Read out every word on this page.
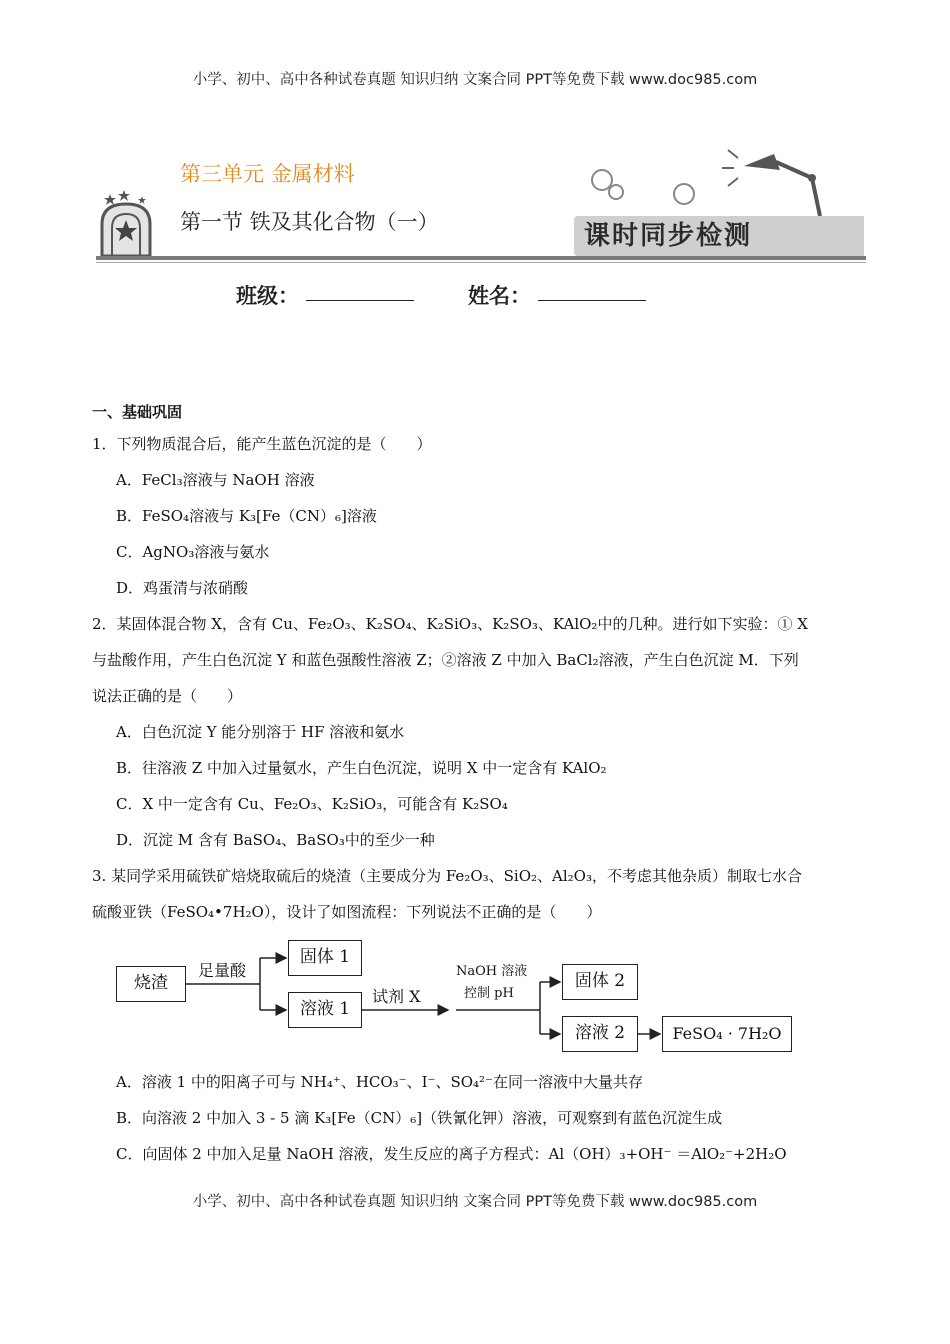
小学、初中、高中各种试卷真题 知识归纳 文案合同 PPT等免费下载 www.doc985.com
第三单元 金属材料
第一节 铁及其化合物（一）	课时同步检测
班级：	姓名：
一、基础巩固
1．下列物质混合后，能产生蓝色沉淀的是（　　）
A．FeCl₃溶液与 NaOH 溶液
B．FeSO₄溶液与 K₃[Fe（CN）₆]溶液
C．AgNO₃溶液与氨水
D．鸡蛋清与浓硝酸
2．某固体混合物 X，含有 Cu、Fe₂O₃、K₂SO₄、K₂SiO₃、K₂SO₃、KAlO₂中的几种。进行如下实验：① X
与盐酸作用，产生白色沉淀 Y 和蓝色强酸性溶液 Z；②溶液 Z 中加入 BaCl₂溶液，产生白色沉淀 M．下列
说法正确的是（　　）
A．白色沉淀 Y 能分别溶于 HF 溶液和氨水
B．往溶液 Z 中加入过量氨水，产生白色沉淀，说明 X 中一定含有 KAlO₂
C．X 中一定含有 Cu、Fe₂O₃、K₂SiO₃，可能含有 K₂SO₄
D．沉淀 M 含有 BaSO₄、BaSO₃中的至少一种
3. 某同学采用硫铁矿焙烧取硫后的烧渣（主要成分为 Fe₂O₃、SiO₂、Al₂O₃，不考虑其他杂质）制取七水合
硫酸亚铁（FeSO₄•7H₂O），设计了如图流程：下列说法不正确的是（　　）
烧渣
足量酸
固体 1
溶液 1
试剂 X
NaOH 溶液
控制 pH
固体 2
溶液 2	FeSO₄ · 7H₂O
A．溶液 1 中的阳离子可与 NH₄⁺、HCO₃⁻、I⁻、SO₄²⁻在同一溶液中大量共存
B．向溶液 2 中加入 3 - 5 滴 K₃[Fe（CN）₆]（铁氰化钾）溶液，可观察到有蓝色沉淀生成
C．向固体 2 中加入足量 NaOH 溶液，发生反应的离子方程式：Al（OH）₃+OH⁻ ＝AlO₂⁻+2H₂O
小学、初中、高中各种试卷真题 知识归纳 文案合同 PPT等免费下载 www.doc985.com
